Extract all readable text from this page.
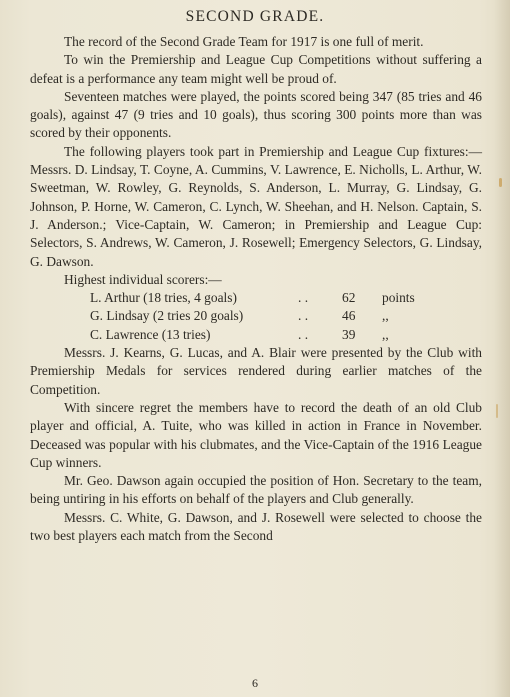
SECOND GRADE.

The record of the Second Grade Team for 1917 is one full of merit.

To win the Premiership and League Cup Competitions without suffering a defeat is a performance any team might well be proud of.

Seventeen matches were played, the points scored being 347 (85 tries and 46 goals), against 47 (9 tries and 10 goals), thus scoring 300 points more than was scored by their opponents.

The following players took part in Premiership and League Cup fixtures:—Messrs. D. Lindsay, T. Coyne, A. Cummins, V. Lawrence, E. Nicholls, L. Arthur, W. Sweetman, W. Rowley, G. Reynolds, S. Anderson, L. Murray, G. Lindsay, G. Johnson, P. Horne, W. Cameron, C. Lynch, W. Sheehan, and H. Nelson. Captain, S. J. Anderson.; Vice-Captain, W. Cameron; in Premiership and League Cup: Selectors, S. Andrews, W. Cameron, J. Rosewell; Emergency Selectors, G. Lindsay, G. Dawson.

Highest individual scorers:—
L. Arthur (18 tries, 4 goals)	. .	62	points
G. Lindsay (2 tries 20 goals)	. .	46	,,
C. Lawrence (13 tries)	. .	39	,,

Messrs. J. Kearns, G. Lucas, and A. Blair were presented by the Club with Premiership Medals for services rendered during earlier matches of the Competition.

With sincere regret the members have to record the death of an old Club player and official, A. Tuite, who was killed in action in France in November. Deceased was popular with his clubmates, and the Vice-Captain of the 1916 League Cup winners.

Mr. Geo. Dawson again occupied the position of Hon. Secretary to the team, being untiring in his efforts on behalf of the players and Club generally.

Messrs. C. White, G. Dawson, and J. Rosewell were selected to choose the two best players each match from the Second

6
